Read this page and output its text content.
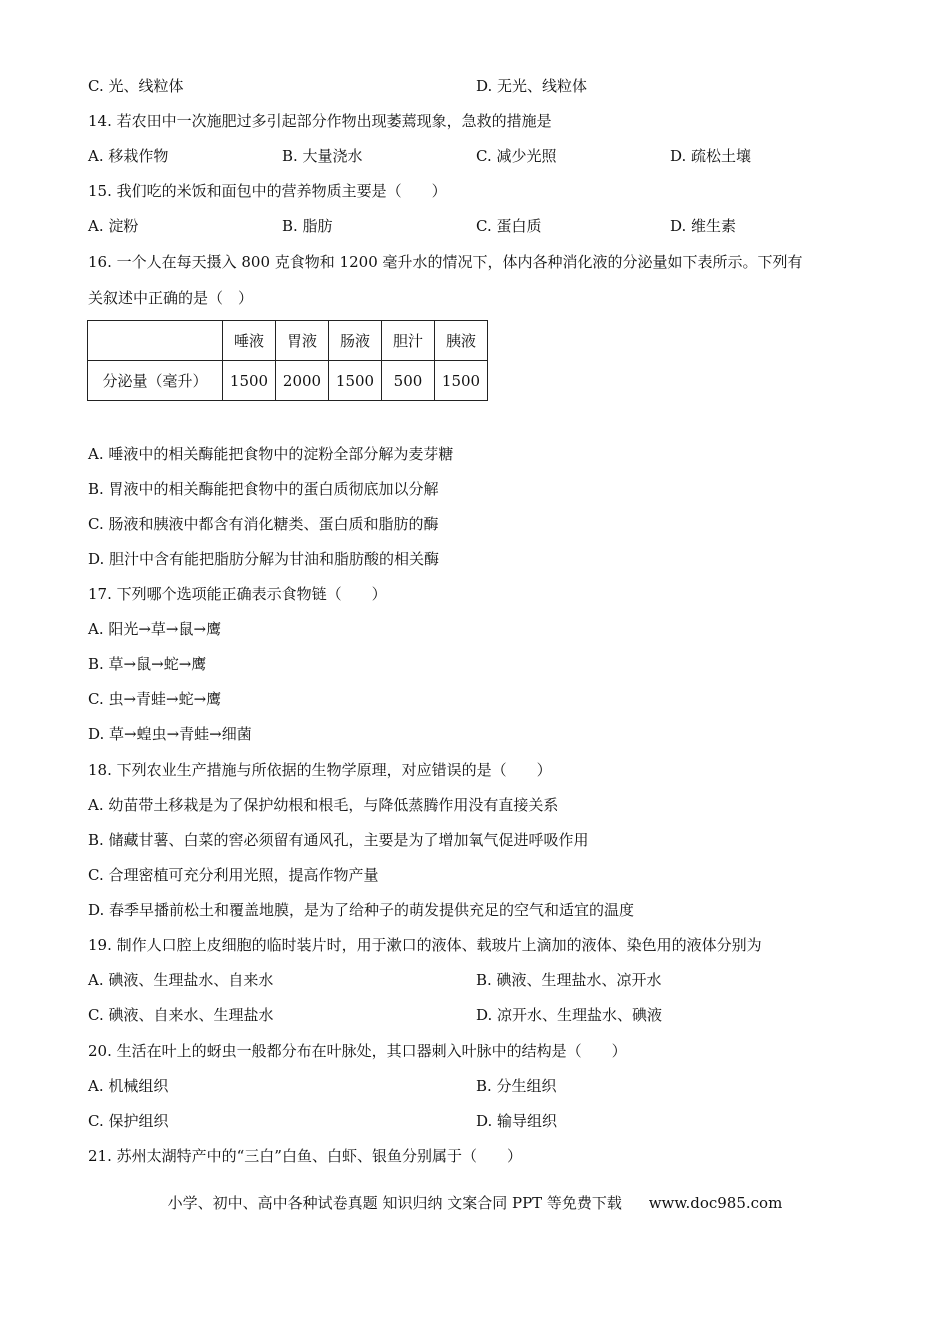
C. 光、线粒体	D. 无光、线粒体
14. 若农田中一次施肥过多引起部分作物出现萎蔫现象，急救的措施是
A. 移栽作物	B. 大量浇水	C. 减少光照	D. 疏松土壤
15. 我们吃的米饭和面包中的营养物质主要是（　　）
A. 淀粉	B. 脂肪	C. 蛋白质	D. 维生素
16. 一个人在每天摄入 800 克食物和 1200 毫升水的情况下，体内各种消化液的分泌量如下表所示。下列有
关叙述中正确的是（　）
	唾液	胃液	肠液	胆汁	胰液
分泌量（毫升）	1500	2000	1500	500	1500
A. 唾液中的相关酶能把食物中的淀粉全部分解为麦芽糖
B. 胃液中的相关酶能把食物中的蛋白质彻底加以分解
C. 肠液和胰液中都含有消化糖类、蛋白质和脂肪的酶
D. 胆汁中含有能把脂肪分解为甘油和脂肪酸的相关酶
17. 下列哪个选项能正确表示食物链（　　）
A. 阳光→草→鼠→鹰
B. 草→鼠→蛇→鹰
C. 虫→青蛙→蛇→鹰
D. 草→蝗虫→青蛙→细菌
18. 下列农业生产措施与所依据的生物学原理，对应错误的是（　　）
A. 幼苗带土移栽是为了保护幼根和根毛，与降低蒸腾作用没有直接关系
B. 储藏甘薯、白菜的窖必须留有通风孔，主要是为了增加氧气促进呼吸作用
C. 合理密植可充分利用光照，提高作物产量
D. 春季早播前松土和覆盖地膜，是为了给种子的萌发提供充足的空气和适宜的温度
19. 制作人口腔上皮细胞的临时装片时，用于漱口的液体、载玻片上滴加的液体、染色用的液体分别为
A. 碘液、生理盐水、自来水	B. 碘液、生理盐水、凉开水
C. 碘液、自来水、生理盐水	D. 凉开水、生理盐水、碘液
20. 生活在叶上的蚜虫一般都分布在叶脉处，其口器刺入叶脉中的结构是（　　）
A. 机械组织	B. 分生组织
C. 保护组织	D. 输导组织
21. 苏州太湖特产中的“三白”白鱼、白虾、银鱼分别属于（　　）
小学、初中、高中各种试卷真题 知识归纳 文案合同 PPT 等免费下载 www.doc985.com
